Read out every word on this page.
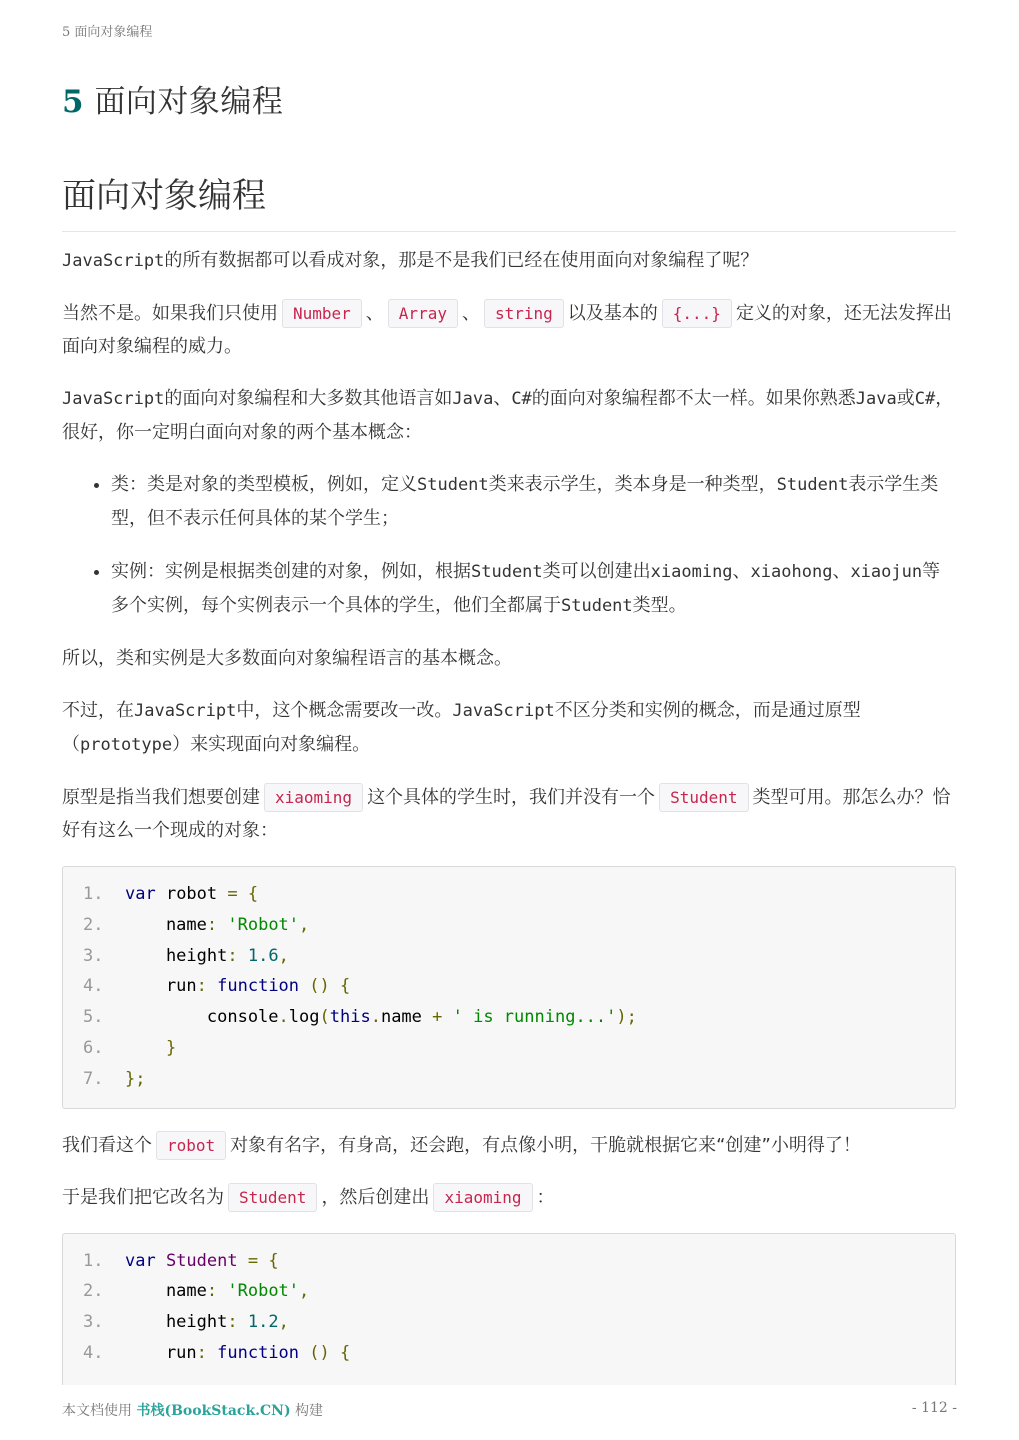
5 面向对象编程
5 面向对象编程
面向对象编程

JavaScript的所有数据都可以看成对象，那是不是我们已经在使用面向对象编程了呢？

当然不是。如果我们只使用 Number 、 Array 、 string 以及基本的 {...} 定义的对象，还无法发挥出面向对象编程的威力。

JavaScript的面向对象编程和大多数其他语言如Java、C#的面向对象编程都不太一样。如果你熟悉Java或C#，很好，你一定明白面向对象的两个基本概念：

• 类：类是对象的类型模板，例如，定义Student类来表示学生，类本身是一种类型，Student表示学生类型，但不表示任何具体的某个学生；
• 实例：实例是根据类创建的对象，例如，根据Student类可以创建出xiaoming、xiaohong、xiaojun等多个实例，每个实例表示一个具体的学生，他们全都属于Student类型。

所以，类和实例是大多数面向对象编程语言的基本概念。

不过，在JavaScript中，这个概念需要改一改。JavaScript不区分类和实例的概念，而是通过原型（prototype）来实现面向对象编程。

原型是指当我们想要创建 xiaoming 这个具体的学生时，我们并没有一个 Student 类型可用。那怎么办？恰好有这么一个现成的对象：

1. var robot = {
2.    name: 'Robot',
3.    height: 1.6,
4.    run: function () {
5.        console.log(this.name + ' is running...');
6.    }
7. };

我们看这个 robot 对象有名字，有身高，还会跑，有点像小明，干脆就根据它来“创建”小明得了！

于是我们把它改名为 Student ，然后创建出 xiaoming ：

1. var Student = {
2.    name: 'Robot',
3.    height: 1.2,
4.    run: function () {
本文档使用 书栈(BookStack.CN) 构建	- 112 -
